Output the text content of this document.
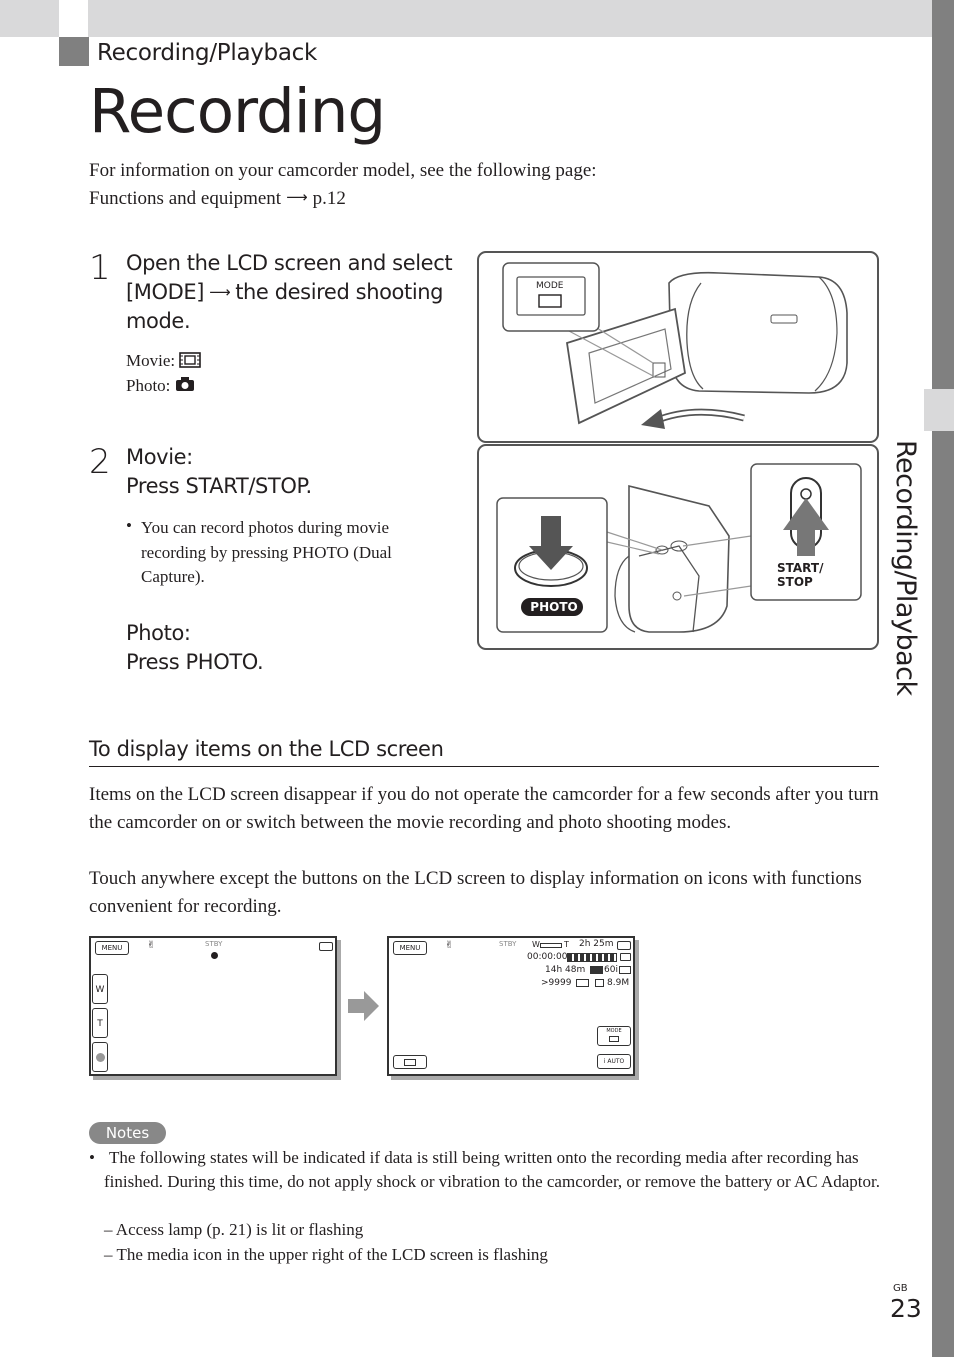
Recording/Playback
Recording/Playback
Recording
For information on your camcorder model, see the following page:
Functions and equipment ⟶ p.12
1 Open the LCD screen and select
[MODE] ⟶ the desired shooting
mode.
Movie:
Photo:
MODE
2 Movie:
Press START/STOP.
• You can record photos during movie recording by pressing PHOTO (Dual Capture).
Photo:
Press PHOTO.
PHOTO
START/
STOP
To display items on the LCD screen
Items on the LCD screen disappear if you do not operate the camcorder for a few seconds after you turn the camcorder on or switch between the movie recording and photo shooting modes.
Touch anywhere except the buttons on the LCD screen to display information on icons with functions convenient for recording.
MENU	✌	STBY
W
T
MENU	✌	STBY W	T 2h 25m
00:00:00
14h 48m 60i
>9999	8.9M
MODE
i AUTO
Notes
• The following states will be indicated if data is still being written onto the recording media after recording has finished. During this time, do not apply shock or vibration to the camcorder, or remove the battery or AC Adaptor.
– Access lamp (p. 21) is lit or flashing
– The media icon in the upper right of the LCD screen is flashing
GB
23
